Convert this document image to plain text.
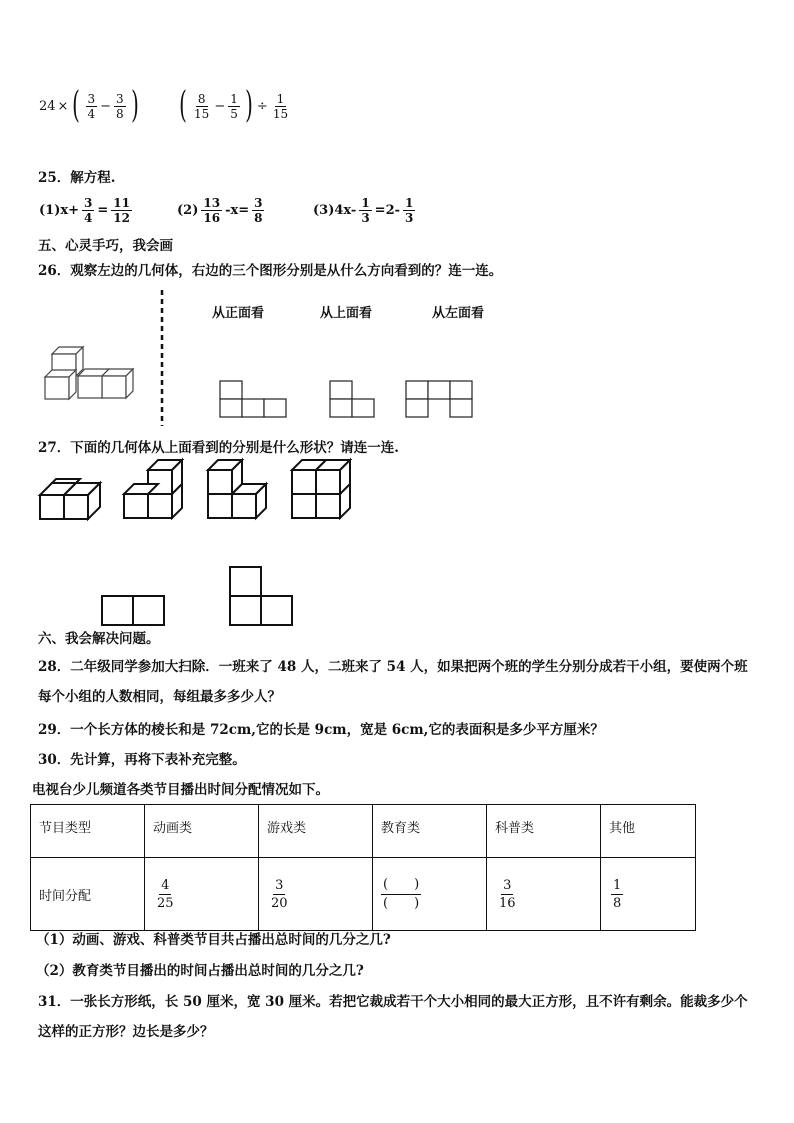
24 × ( $\frac{3}{4} - \frac{3}{8}$ ) ( $\frac{8}{15} - \frac{1}{5}$ ) ÷ $\frac{1}{15}$
25．解方程.
$(1)x+ \frac{3}{4} = \frac{11}{12}$	$(2) \frac{13}{16} -x= \frac{3}{8}$	$(3)4x- \frac{1}{3} =2- \frac{1}{3}$
五、心灵手巧，我会画
26．观察左边的几何体，右边的三个图形分别是从什么方向看到的？连一连。
从正面看	从上面看	从左面看
27．下面的几何体从上面看到的分别是什么形状？请连一连.
六、我会解决问题。
28．二年级同学参加大扫除．一班来了 48 人，二班来了 54 人，如果把两个班的学生分别分成若干小组，要使两个班
每个小组的人数相同，每组最多多少人？
29．一个长方体的棱长和是 72cm,它的长是 9cm，宽是 6cm,它的表面积是多少平方厘米？
30．先计算，再将下表补充完整。
电视台少儿频道各类节目播出时间分配情况如下。
节目类型	动画类	游戏类	教育类	科普类	其他
时间分配	$\frac{4}{25}$	$\frac{3}{20}$	$\frac{( )}{( )}$	$\frac{3}{16}$	$\frac{1}{8}$
（1）动画、游戏、科普类节目共占播出总时间的几分之几?
（2）教育类节目播出的时间占播出总时间的几分之几?
31．一张长方形纸，长 50 厘米，宽 30 厘米。若把它裁成若干个大小相同的最大正方形，且不许有剩余。能裁多少个
这样的正方形？边长是多少？
